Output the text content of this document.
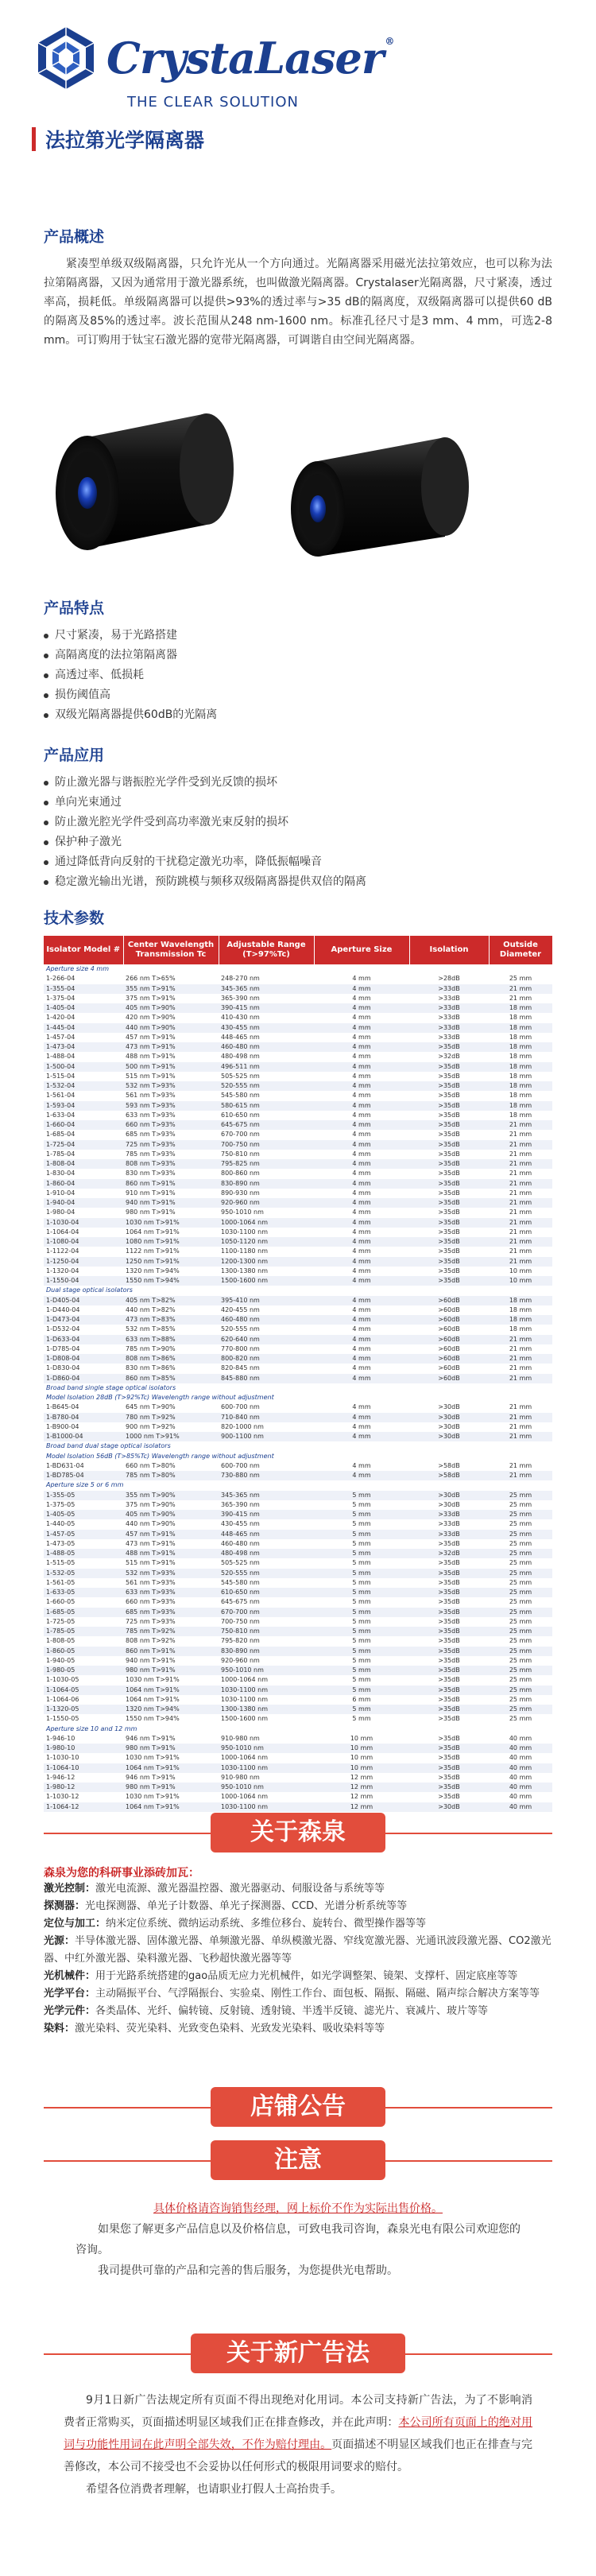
CrystaLaser ®
THE CLEAR SOLUTION
法拉第光学隔离器
产品概述

紧凑型单级双级隔离器，只允许光从一个方向通过。光隔离器采用磁光法拉第效应，也可以称为法拉第隔离器，又因为通常用于激光器系统，也叫做激光隔离器。Crystalaser光隔离器，尺寸紧凑，透过率高，损耗低。单级隔离器可以提供>93%的透过率与>35 dB的隔离度，双级隔离器可以提供60 dB的隔离及85%的透过率。波长范围从248 nm-1600 nm。标准孔径尺寸是3 mm、4 mm，可选2-8 mm。可订购用于钛宝石激光器的宽带光隔离器，可调谐自由空间光隔离器。

产品特点
尺寸紧凑，易于光路搭建
高隔离度的法拉第隔离器
高透过率、低损耗
损伤阈值高
双级光隔离器提供60dB的光隔离
产品应用
防止激光器与谐振腔光学件受到光反馈的损坏
单向光束通过
防止激光腔光学件受到高功率激光束反射的损坏
保护种子激光
通过降低背向反射的干扰稳定激光功率，降低振幅噪音
稳定激光输出光谱，预防跳模与频移双级隔离器提供双倍的隔离
技术参数
Isolator Model #	Center Wavelength Transmission Tc	Adjustable Range (T>97%Tc)	Aperture Size	Isolation	Outside Diameter
Aperture size 4 mm					
1-266-04	266 nm T>65%	248-270 nm	4 mm	>28dB	25 mm
1-355-04	355 nm T>91%	345-365 nm	4 mm	>33dB	21 mm
1-375-04	375 nm T>91%	365-390 nm	4 mm	>33dB	21 mm
1-405-04	405 nm T>90%	390-415 nm	4 mm	>33dB	18 mm
1-420-04	420 nm T>90%	410-430 nm	4 mm	>33dB	18 mm
1-445-04	440 nm T>90%	430-455 nm	4 mm	>33dB	18 mm
1-457-04	457 nm T>91%	448-465 nm	4 mm	>33dB	18 mm
1-473-04	473 nm T>91%	460-480 nm	4 mm	>35dB	18 mm
1-488-04	488 nm T>91%	480-498 nm	4 mm	>32dB	18 mm
1-500-04	500 nm T>91%	496-511 nm	4 mm	>35dB	18 mm
1-515-04	515 nm T>91%	505-525 nm	4 mm	>35dB	18 mm
1-532-04	532 nm T>93%	520-555 nm	4 mm	>35dB	18 mm
1-561-04	561 nm T>93%	545-580 nm	4 mm	>35dB	18 mm
1-593-04	593 nm T>93%	580-615 nm	4 mm	>35dB	18 mm
1-633-04	633 nm T>93%	610-650 nm	4 mm	>35dB	18 mm
1-660-04	660 nm T>93%	645-675 nm	4 mm	>35dB	21 mm
1-685-04	685 nm T>93%	670-700 nm	4 mm	>35dB	21 mm
1-725-04	725 nm T>93%	700-750 nm	4 mm	>35dB	21 mm
1-785-04	785 nm T>93%	750-810 nm	4 mm	>35dB	21 mm
1-808-04	808 nm T>93%	795-825 nm	4 mm	>35dB	21 mm
1-830-04	830 nm T>93%	800-860 nm	4 mm	>35dB	21 mm
1-860-04	860 nm T>91%	830-890 nm	4 mm	>35dB	21 mm
1-910-04	910 nm T>91%	890-930 nm	4 mm	>35dB	21 mm
1-940-04	940 nm T>91%	920-960 nm	4 mm	>35dB	21 mm
1-980-04	980 nm T>91%	950-1010 nm	4 mm	>35dB	21 mm
1-1030-04	1030 nm T>91%	1000-1064 nm	4 mm	>35dB	21 mm
1-1064-04	1064 nm T>91%	1030-1100 nm	4 mm	>35dB	21 mm
1-1080-04	1080 nm T>91%	1050-1120 nm	4 mm	>35dB	21 mm
1-1122-04	1122 nm T>91%	1100-1180 nm	4 mm	>35dB	21 mm
1-1250-04	1250 nm T>91%	1200-1300 nm	4 mm	>35dB	21 mm
1-1320-04	1320 nm T>94%	1300-1380 nm	4 mm	>35dB	10 mm
1-1550-04	1550 nm T>94%	1500-1600 nm	4 mm	>35dB	10 mm
Dual stage optical isolators					
1-D405-04	405 nm T>82%	395-410 nm	4 mm	>60dB	18 mm
1-D440-04	440 nm T>82%	420-455 nm	4 mm	>60dB	18 mm
1-D473-04	473 nm T>83%	460-480 nm	4 mm	>60dB	18 mm
1-D532-04	532 nm T>85%	520-555 nm	4 mm	>60dB	18 mm
1-D633-04	633 nm T>88%	620-640 nm	4 mm	>60dB	21 mm
1-D785-04	785 nm T>90%	770-800 nm	4 mm	>60dB	21 mm
1-D808-04	808 nm T>86%	800-820 nm	4 mm	>60dB	21 mm
1-D830-04	830 nm T>86%	820-845 nm	4 mm	>60dB	21 mm
1-D860-04	860 nm T>85%	845-880 nm	4 mm	>60dB	21 mm
Broad band single stage optical isolators					
Model Isolation 28dB (T>92%Tc) Wavelength range without adjustment					
1-B645-04	645 nm T>90%	600-700 nm	4 mm	>30dB	21 mm
1-B780-04	780 nm T>92%	710-840 nm	4 mm	>30dB	21 mm
1-B900-04	900 nm T>92%	820-1000 nm	4 mm	>30dB	21 mm
1-B1000-04	1000 nm T>91%	900-1100 nm	4 mm	>30dB	21 mm
Broad band dual stage optical isolators					
Model Isolation 56dB (T>85%Tc) Wavelength range without adjustment					
1-BD631-04	660 nm T>80%	600-700 nm	4 mm	>58dB	21 mm
1-BD785-04	785 nm T>80%	730-880 nm	4 mm	>58dB	21 mm
Aperture size 5 or 6 mm					
1-355-05	355 nm T>90%	345-365 nm	5 mm	>30dB	25 mm
1-375-05	375 nm T>90%	365-390 nm	5 mm	>30dB	25 mm
1-405-05	405 nm T>90%	390-415 nm	5 mm	>33dB	25 mm
1-440-05	440 nm T>90%	430-455 nm	5 mm	>33dB	25 mm
1-457-05	457 nm T>91%	448-465 nm	5 mm	>33dB	25 mm
1-473-05	473 nm T>91%	460-480 nm	5 mm	>35dB	25 mm
1-488-05	488 nm T>91%	480-498 nm	5 mm	>32dB	25 mm
1-515-05	515 nm T>91%	505-525 nm	5 mm	>35dB	25 mm
1-532-05	532 nm T>93%	520-555 nm	5 mm	>35dB	25 mm
1-561-05	561 nm T>93%	545-580 nm	5 mm	>35dB	25 mm
1-633-05	633 nm T>93%	610-650 nm	5 mm	>35dB	25 mm
1-660-05	660 nm T>93%	645-675 nm	5 mm	>35dB	25 mm
1-685-05	685 nm T>93%	670-700 nm	5 mm	>35dB	25 mm
1-725-05	725 nm T>93%	700-750 nm	5 mm	>35dB	25 mm
1-785-05	785 nm T>92%	750-810 nm	5 mm	>35dB	25 mm
1-808-05	808 nm T>92%	795-820 nm	5 mm	>35dB	25 mm
1-860-05	860 nm T>91%	830-890 nm	5 mm	>35dB	25 mm
1-940-05	940 nm T>91%	920-960 nm	5 mm	>35dB	25 mm
1-980-05	980 nm T>91%	950-1010 nm	5 mm	>35dB	25 mm
1-1030-05	1030 nm T>91%	1000-1064 nm	5 mm	>35dB	25 mm
1-1064-05	1064 nm T>91%	1030-1100 nm	5 mm	>35dB	25 mm
1-1064-06	1064 nm T>91%	1030-1100 nm	6 mm	>35dB	25 mm
1-1320-05	1320 nm T>94%	1300-1380 nm	5 mm	>35dB	25 mm
1-1550-05	1550 nm T>94%	1500-1600 nm	5 mm	>35dB	25 mm
Aperture size 10 and 12 mm					
1-946-10	946 nm T>91%	910-980 nm	10 mm	>35dB	40 mm
1-980-10	980 nm T>91%	950-1010 nm	10 mm	>35dB	40 mm
1-1030-10	1030 nm T>91%	1000-1064 nm	10 mm	>35dB	40 mm
1-1064-10	1064 nm T>91%	1030-1100 nm	10 mm	>35dB	40 mm
1-946-12	946 nm T>91%	910-980 nm	12 mm	>35dB	40 mm
1-980-12	980 nm T>91%	950-1010 nm	12 mm	>35dB	40 mm
1-1030-12	1030 nm T>91%	1000-1064 nm	12 mm	>35dB	40 mm
1-1064-12	1064 nm T>91%	1030-1100 nm	12 mm	>30dB	40 mm
关于森泉
森泉为您的科研事业添砖加瓦：

激光控制：激光电流源、激光器温控器、激光器驱动、伺服设备与系统等等

探测器：光电探测器、单光子计数器、单光子探测器、CCD、光谱分析系统等等

定位与加工：纳米定位系统、微纳运动系统、多维位移台、旋转台、微型操作器等等

光源：半导体激光器、固体激光器、单频激光器、单纵模激光器、窄线宽激光器、光通讯波段激光器、CO2激光器、中红外激光器、染料激光器、飞秒超快激光器等等

光机械件：用于光路系统搭建的gao品质无应力光机械件，如光学调整架、镜架、支撑杆、固定底座等等

光学平台：主动隔振平台、气浮隔振台、实验桌、刚性工作台、面包板、隔振、隔磁、隔声综合解决方案等等

光学元件：各类晶体、光纤、偏转镜、反射镜、透射镜、半透半反镜、滤光片、衰减片、玻片等等

染料：激光染料、荧光染料、光致变色染料、光致发光染料、吸收染料等等

店铺公告
注意

具体价格请咨询销售经理，网上标价不作为实际出售价格。

如果您了解更多产品信息以及价格信息，可致电我司咨询，森泉光电有限公司欢迎您的咨询。

我司提供可靠的产品和完善的售后服务，为您提供光电帮助。

关于新广告法

9月1日新广告法规定所有页面不得出现绝对化用词。本公司支持新广告法，为了不影响消费者正常购买，页面描述明显区域我们正在排查修改，并在此声明：本公司所有页面上的绝对用词与功能性用词在此声明全部失效，不作为赔付理由。页面描述不明显区域我们也正在排查与完善修改，本公司不接受也不会妥协以任何形式的极限用词要求的赔付。

希望各位消费者理解，也请职业打假人士高抬贵手。
